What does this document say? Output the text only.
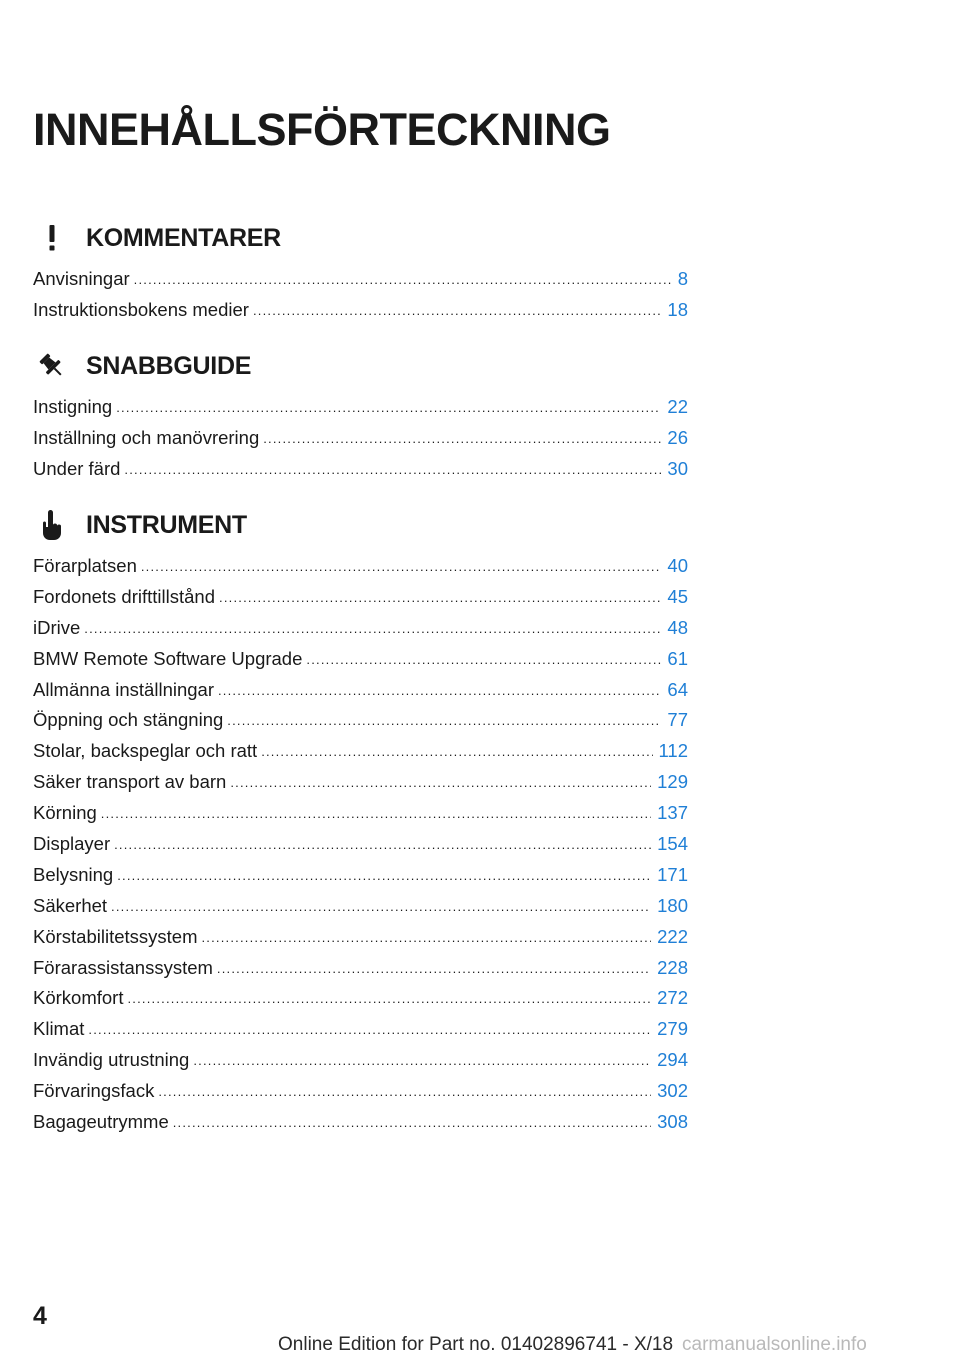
INNEHÅLLSFÖRTECKNING
KOMMENTARER
Anvisningar .....	8
Instruktionsbokens medier .....	18
SNABBGUIDE
Instigning .....	22
Inställning och manövrering .....	26
Under färd .....	30
INSTRUMENT
Förarplatsen .....	40
Fordonets drifttillstånd .....	45
iDrive .....	48
BMW Remote Software Upgrade .....	61
Allmänna inställningar .....	64
Öppning och stängning .....	77
Stolar, backspeglar och ratt .....	112
Säker transport av barn .....	129
Körning .....	137
Displayer .....	154
Belysning .....	171
Säkerhet .....	180
Körstabilitetssystem .....	222
Förarassistanssystem .....	228
Körkomfort .....	272
Klimat .....	279
Invändig utrustning .....	294
Förvaringsfack .....	302
Bagageutrymme .....	308
4
Online Edition for Part no. 01402896741 - X/18 carmanualsonline.info
